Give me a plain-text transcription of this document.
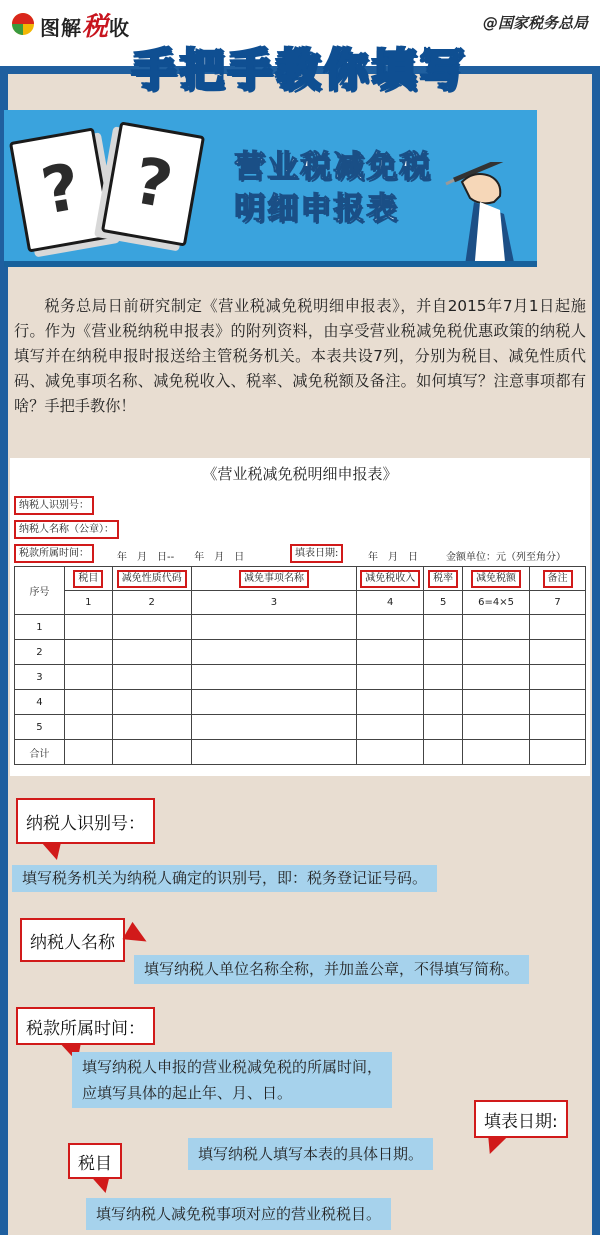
图解税收	@国家税务总局
手把手教你填写
? ?	营业税减免税
明细申报表

税务总局日前研究制定《营业税减免税明细申报表》，并自2015年7月1日起施行。作为《营业税纳税申报表》的附列资料，由享受营业税减免税优惠政策的纳税人填写并在纳税申报时报送给主管税务机关。本表共设7列，分别为税目、减免性质代码、减免事项名称、减免税收入、税率、减免税额及备注。如何填写？注意事项都有啥？手把手教你！

《营业税减免税明细申报表》
纳税人识别号：
纳税人名称（公章）：
税款所属时间：	年　月　日--　　年　月　日	填表日期:	年　月　日	金额单位：元（列至角分）
序号	税目	减免性质代码	减免事项名称	减免税收入	税率	减免税额	备注
	1	2	3	4	5	6=4×5	7
1							
2							
3							
4							
5							
合计							
纳税人识别号：
填写税务机关为纳税人确定的识别号，即：税务登记证号码。
纳税人名称
填写纳税人单位名称全称，并加盖公章，不得填写简称。
税款所属时间：
填写纳税人申报的营业税减免税的所属时间，
应填写具体的起止年、月、日。
填表日期:
填写纳税人填写本表的具体日期。
税目
填写纳税人减免税事项对应的营业税税目。
